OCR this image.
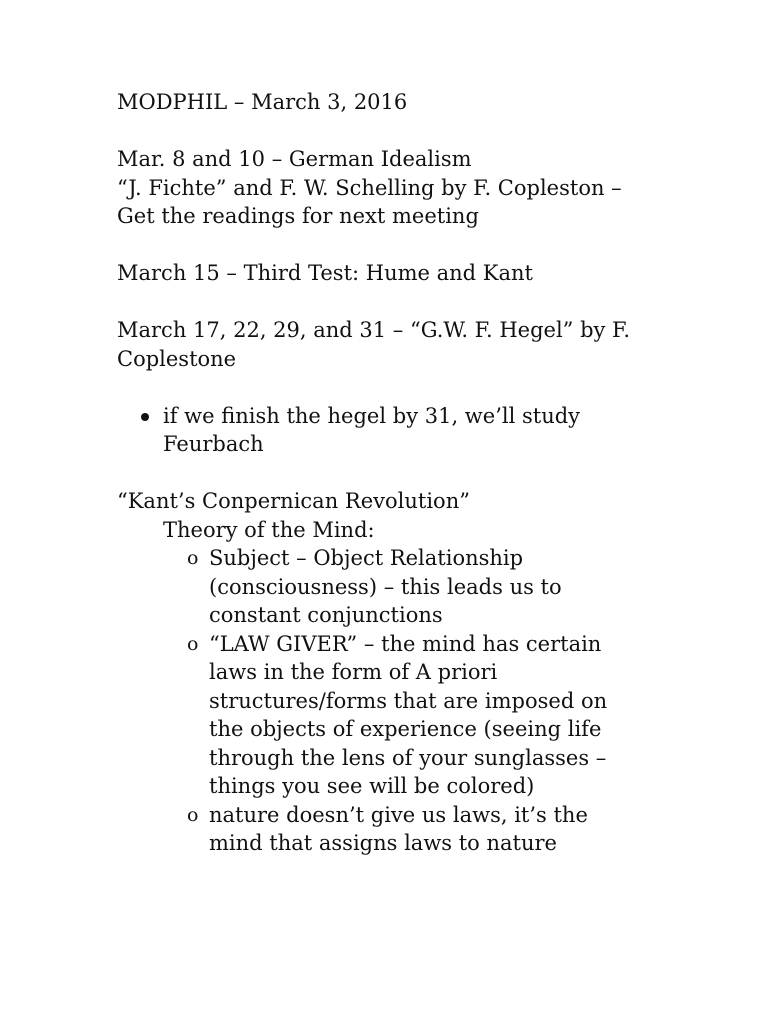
MODPHIL – March 3, 2016

Mar. 8 and 10 – German Idealism

“J. Fichte” and F. W. Schelling by F. Copleston –

Get the readings for next meeting

March 15 – Third Test: Hume and Kant

March 17, 22, 29, and 31 – “G.W. F. Hegel” by F.

Coplestone

if we finish the hegel by 31, we’ll study

Feurbach

“Kant’s Conpernican Revolution”

Theory of the Mind:

o Subject – Object Relationship

(consciousness) – this leads us to

constant conjunctions

o “LAW GIVER” – the mind has certain

laws in the form of A priori

structures/forms that are imposed on

the objects of experience (seeing life

through the lens of your sunglasses –

things you see will be colored)

o nature doesn’t give us laws, it’s the

mind that assigns laws to nature
